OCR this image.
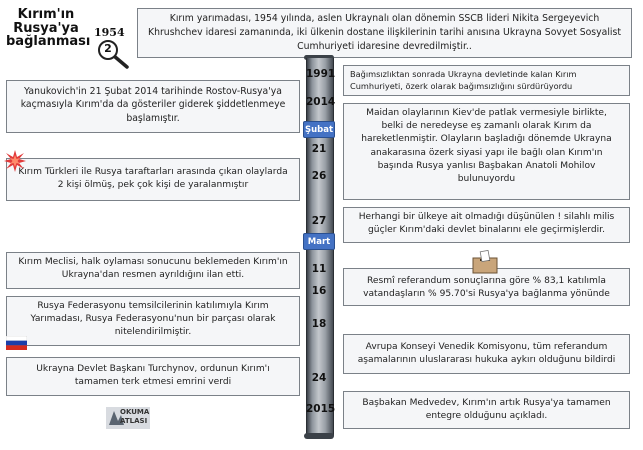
Kırım'ın
Rusya'ya
bağlanması
1954
2
Kırım yarımadası, 1954 yılında, aslen Ukraynalı olan dönemin SSCB lideri Nikita Sergeyevich Khrushchev idaresi zamanında, iki ülkenin dostane ilişkilerinin tarihi anısına Ukrayna Sovyet Sosyalist Cumhuriyeti idaresine devredilmiştir..
1991
2014
Şubat
21
26
27
Mart
11
16
18
24
2015
Bağımsızlıktan sonrada Ukrayna devletinde kalan Kırım Cumhuriyeti, özerk olarak bağımsızlığını sürdürüyordu
Maidan olaylarının Kiev'de patlak vermesiyle birlikte, belki de neredeyse eş zamanlı olarak Kırım da hareketlenmiştir. Olayların başladığı dönemde Ukrayna anakarasına özerk siyasi yapı ile bağlı olan Kırım'ın başında Rusya yanlısı Başbakan Anatoli Mohilov bulunuyordu
Herhangi bir ülkeye ait olmadığı düşünülen ! silahlı milis güçler Kırım'daki devlet binalarını ele geçirmişlerdir.
Resmî referandum sonuçlarına göre % 83,1 katılımla vatandaşların % 95.70'si Rusya'ya bağlanma yönünde
Avrupa Konseyi Venedik Komisyonu, tüm referandum aşamalarının uluslararası hukuka aykırı olduğunu bildirdi
Başbakan Medvedev, Kırım'ın artık Rusya'ya tamamen entegre olduğunu açıkladı.
Yanukovich'in 21 Şubat 2014 tarihinde Rostov-Rusya'ya kaçmasıyla Kırım'da da gösteriler giderek şiddetlenmeye başlamıştır.
Kırım Türkleri ile Rusya taraftarları arasında çıkan olaylarda 2 kişi ölmüş, pek çok kişi de yaralanmıştır
Kırım Meclisi, halk oylaması sonucunu beklemeden Kırım'ın Ukrayna'dan resmen ayrıldığını ilan etti.
Rusya Federasyonu temsilcilerinin katılımıyla Kırım Yarımadası, Rusya Federasyonu'nun bir parçası olarak nitelendirilmiştir.
Ukrayna Devlet Başkanı Turchynov, ordunun Kırım'ı tamamen terk etmesi emrini verdi
OKUMA
ATLASI
